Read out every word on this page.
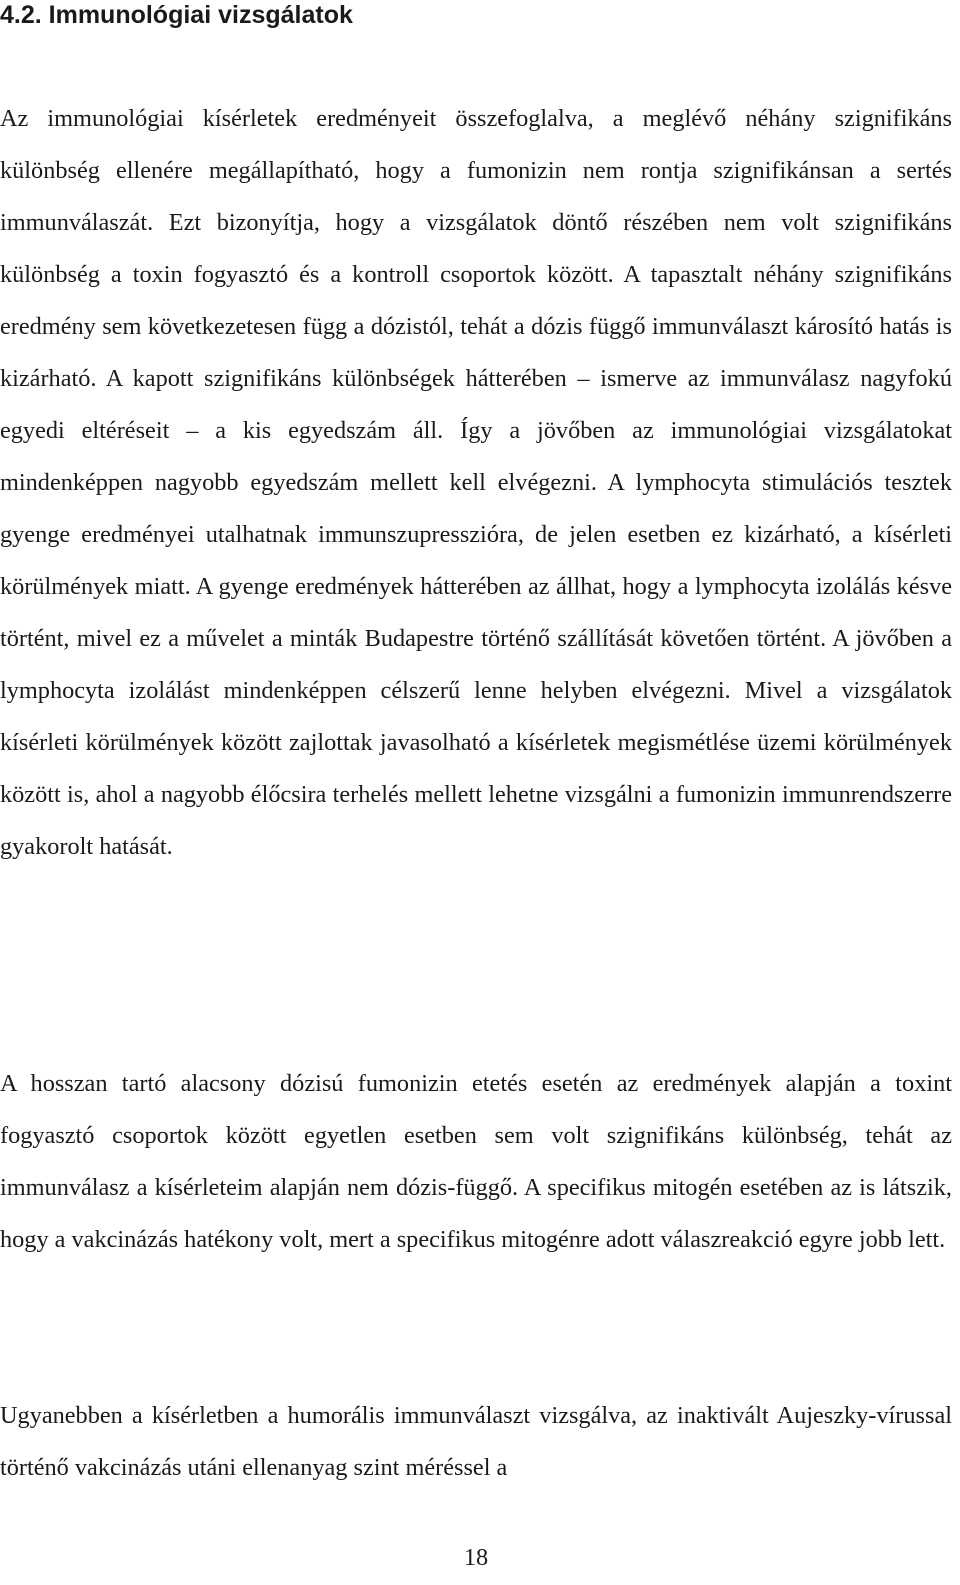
4.2. Immunológiai vizsgálatok

Az immunológiai kísérletek eredményeit összefoglalva, a meglévő néhány szignifikáns különbség ellenére megállapítható, hogy a fumonizin nem rontja szignifikánsan a sertés immunválaszát. Ezt bizonyítja, hogy a vizsgálatok döntő részében nem volt szignifikáns különbség a toxin fogyasztó és a kontroll csoportok között. A tapasztalt néhány szignifikáns eredmény sem következetesen függ a dózistól, tehát a dózis függő immunválaszt károsító hatás is kizárható. A kapott szignifikáns különbségek hátterében – ismerve az immunválasz nagyfokú egyedi eltéréseit – a kis egyedszám áll. Így a jövőben az immunológiai vizsgálatokat mindenképpen nagyobb egyedszám mellett kell elvégezni. A lymphocyta stimulációs tesztek gyenge eredményei utalhatnak immunszupresszióra, de jelen esetben ez kizárható, a kísérleti körülmények miatt. A gyenge eredmények hátterében az állhat, hogy a lymphocyta izolálás késve történt, mivel ez a művelet a minták Budapestre történő szállítását követően történt. A jövőben a lymphocyta izolálást mindenképpen célszerű lenne helyben elvégezni. Mivel a vizsgálatok kísérleti körülmények között zajlottak javasolható a kísérletek megismétlése üzemi körülmények között is, ahol a nagyobb élőcsira terhelés mellett lehetne vizsgálni a fumonizin immunrendszerre gyakorolt hatását.

A hosszan tartó alacsony dózisú fumonizin etetés esetén az eredmények alapján a toxint fogyasztó csoportok között egyetlen esetben sem volt szignifikáns különbség, tehát az immunválasz a kísérleteim alapján nem dózis-függő. A specifikus mitogén esetében az is látszik, hogy a vakcinázás hatékony volt, mert a specifikus mitogénre adott válaszreakció egyre jobb lett.

Ugyanebben a kísérletben a humorális immunválaszt vizsgálva, az inaktivált Aujeszky-vírussal történő vakcinázás utáni ellenanyag szint méréssel a

18
